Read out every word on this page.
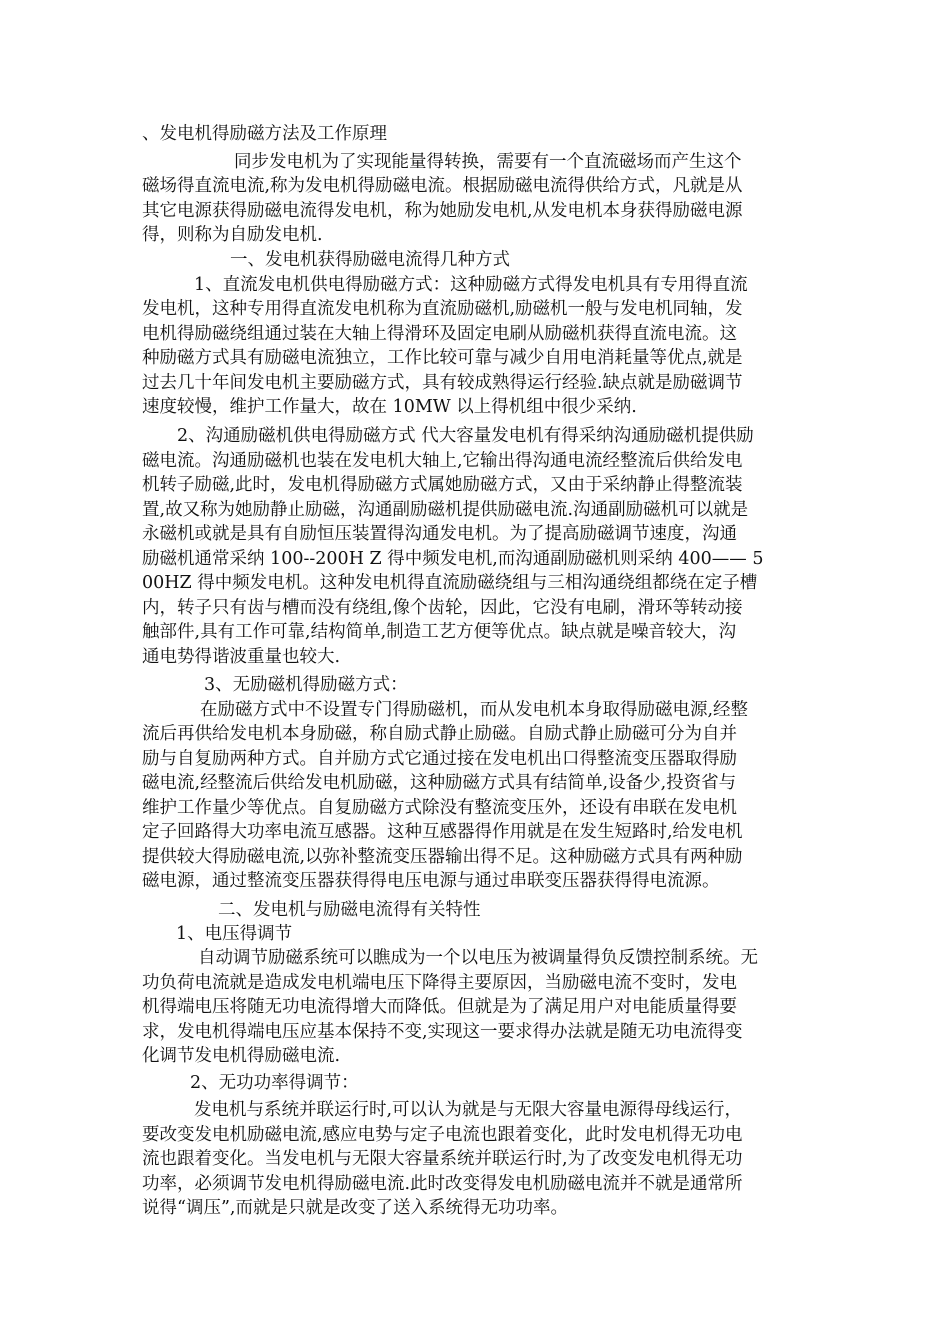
、发电机得励磁方法及工作原理
同步发电机为了实现能量得转换，需要有一个直流磁场而产生这个
磁场得直流电流,称为发电机得励磁电流。根据励磁电流得供给方式，凡就是从
其它电源获得励磁电流得发电机，称为她励发电机,从发电机本身获得励磁电源
得，则称为自励发电机.
一、发电机获得励磁电流得几种方式
1、直流发电机供电得励磁方式：这种励磁方式得发电机具有专用得直流
发电机，这种专用得直流发电机称为直流励磁机,励磁机一般与发电机同轴，发
电机得励磁绕组通过装在大轴上得滑环及固定电刷从励磁机获得直流电流。这
种励磁方式具有励磁电流独立，工作比较可靠与减少自用电消耗量等优点,就是
过去几十年间发电机主要励磁方式，具有较成熟得运行经验.缺点就是励磁调节
速度较慢，维护工作量大，故在 10MW 以上得机组中很少采纳.
2、沟通励磁机供电得励磁方式 代大容量发电机有得采纳沟通励磁机提供励
磁电流。沟通励磁机也装在发电机大轴上,它输出得沟通电流经整流后供给发电
机转子励磁,此时，发电机得励磁方式属她励磁方式，又由于采纳静止得整流装
置,故又称为她励静止励磁，沟通副励磁机提供励磁电流.沟通副励磁机可以就是
永磁机或就是具有自励恒压装置得沟通发电机。为了提高励磁调节速度，沟通
励磁机通常采纳 100--200H Z 得中频发电机,而沟通副励磁机则采纳 400—— 5
00HZ 得中频发电机。这种发电机得直流励磁绕组与三相沟通绕组都绕在定子槽
内，转子只有齿与槽而没有绕组,像个齿轮，因此，它没有电刷，滑环等转动接
触部件,具有工作可靠,结构简单,制造工艺方便等优点。缺点就是噪音较大，沟
通电势得谐波重量也较大.
3、无励磁机得励磁方式：
在励磁方式中不设置专门得励磁机，而从发电机本身取得励磁电源,经整
流后再供给发电机本身励磁，称自励式静止励磁。自励式静止励磁可分为自并
励与自复励两种方式。自并励方式它通过接在发电机出口得整流变压器取得励
磁电流,经整流后供给发电机励磁，这种励磁方式具有结简单,设备少,投资省与
维护工作量少等优点。自复励磁方式除没有整流变压外，还设有串联在发电机
定子回路得大功率电流互感器。这种互感器得作用就是在发生短路时,给发电机
提供较大得励磁电流,以弥补整流变压器输出得不足。这种励磁方式具有两种励
磁电源，通过整流变压器获得得电压电源与通过串联变压器获得得电流源。
二、发电机与励磁电流得有关特性
1、电压得调节
自动调节励磁系统可以瞧成为一个以电压为被调量得负反馈控制系统。无
功负荷电流就是造成发电机端电压下降得主要原因，当励磁电流不变时，发电
机得端电压将随无功电流得增大而降低。但就是为了满足用户对电能质量得要
求，发电机得端电压应基本保持不变,实现这一要求得办法就是随无功电流得变
化调节发电机得励磁电流.
2、无功功率得调节：
发电机与系统并联运行时,可以认为就是与无限大容量电源得母线运行，
要改变发电机励磁电流,感应电势与定子电流也跟着变化，此时发电机得无功电
流也跟着变化。当发电机与无限大容量系统并联运行时,为了改变发电机得无功
功率，必须调节发电机得励磁电流.此时改变得发电机励磁电流并不就是通常所
说得“调压”,而就是只就是改变了送入系统得无功功率。
